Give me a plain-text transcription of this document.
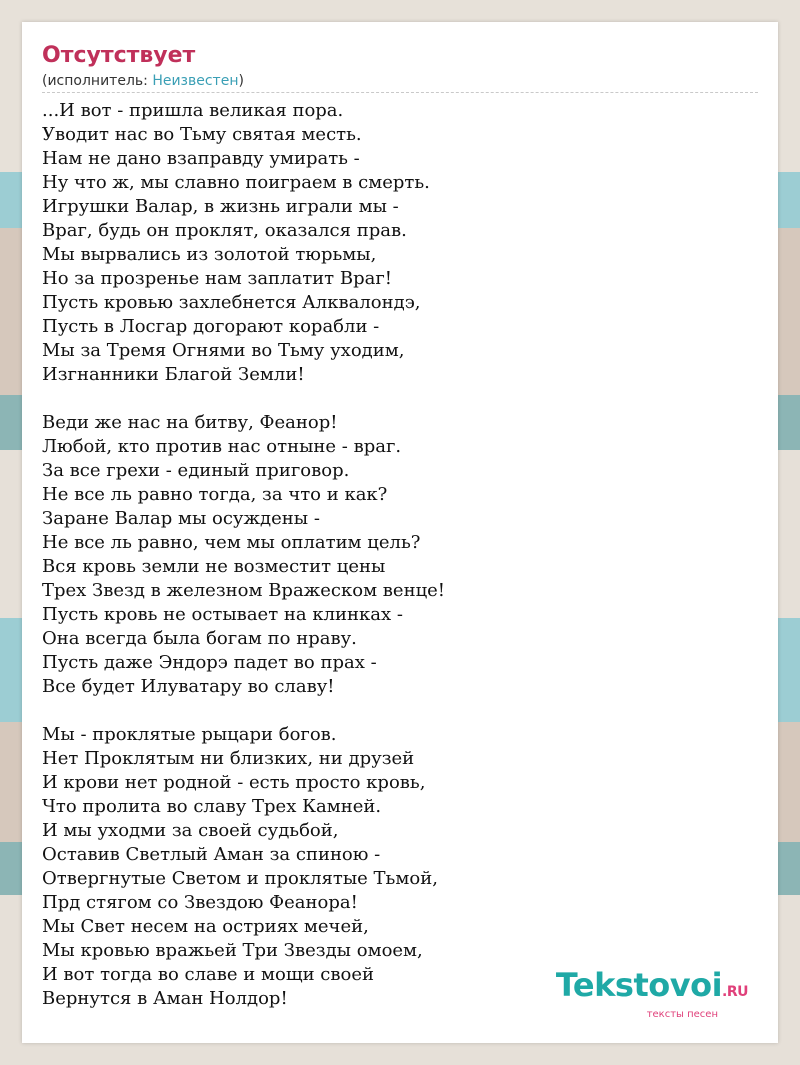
Отсутствует
(исполнитель: Неизвестен)
...И вот - пришла великая пора.
Уводит нас во Тьму святая месть.
Нам не дано взаправду умирать -
Ну что ж, мы славно поиграем в смерть.
Игрушки Валар, в жизнь играли мы -
Враг, будь он проклят, оказался прав.
Мы вырвались из золотой тюрьмы,
Но за прозренье нам заплатит Враг!
Пусть кровью захлебнется Алквалондэ,
Пусть в Лосгар догорают корабли -
Мы за Тремя Огнями во Тьму уходим,
Изгнанники Благой Земли!
Веди же нас на битву, Феанор!
Любой, кто против нас отныне - враг.
За все грехи - единый приговор.
Не все ль равно тогда, за что и как?
Заране Валар мы осуждены -
Не все ль равно, чем мы оплатим цель?
Вся кровь земли не возместит цены
Трех Звезд в железном Вражеском венце!
Пусть кровь не остывает на клинках -
Она всегда была богам по нраву.
Пусть даже Эндорэ падет во прах -
Все будет Илуватару во славу!
Мы - проклятые рыцари богов.
Нет Проклятым ни близких, ни друзей
И крови нет родной - есть просто кровь,
Что пролита во славу Трех Камней.
И мы уходми за своей судьбой,
Оставив Светлый Аман за спиною -
Отвергнутые Светом и проклятые Тьмой,
Прд стягом со Звездою Феанора!
Мы Свет несем на остриях мечей,
Мы кровью вражьей Три Звезды омоем,
И вот тогда во славе и мощи своей
Вернутся в Аман Нолдор!	Tekstovoi.RU
тексты песен
